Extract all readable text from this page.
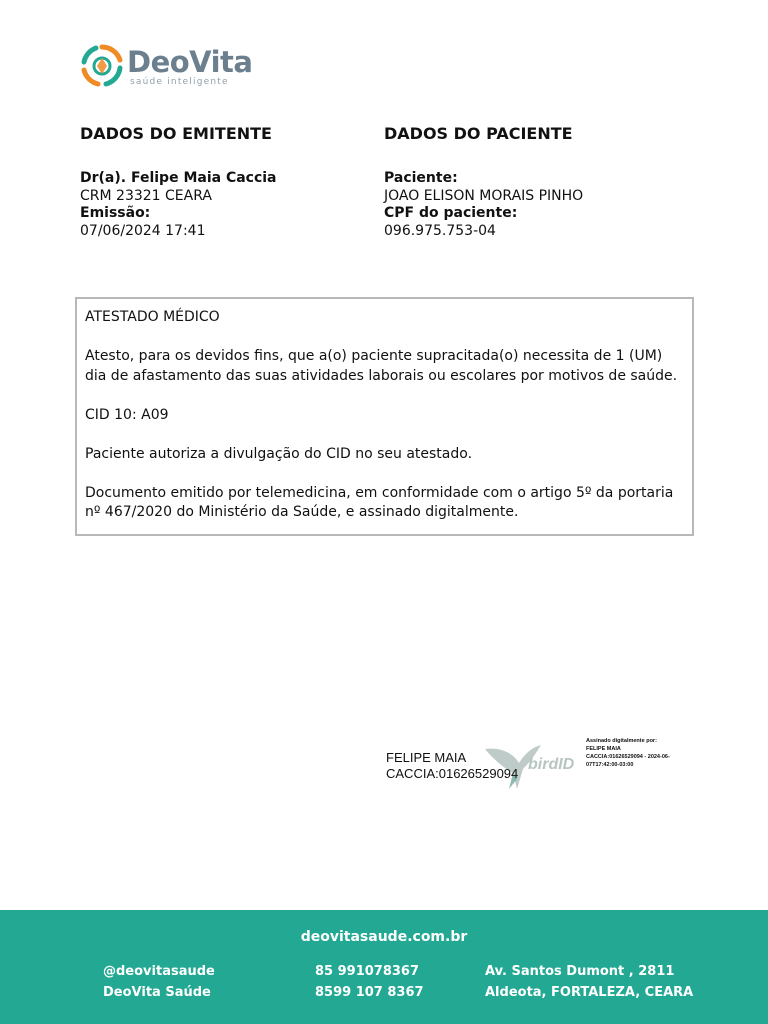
DeoVita
saúde inteligente
DADOS DO EMITENTE
Dr(a). Felipe Maia Caccia
CRM 23321 CEARA
Emissão:
07/06/2024 17:41
DADOS DO PACIENTE
Paciente:
JOAO ELISON MORAIS PINHO
CPF do paciente:
096.975.753-04

ATESTADO MÉDICO

Atesto, para os devidos fins, que a(o) paciente supracitada(o) necessita de 1 (UM) dia de afastamento das suas atividades laborais ou escolares por motivos de saúde.

CID 10: A09

Paciente autoriza a divulgação do CID no seu atestado.

Documento emitido por telemedicina, em conformidade com o artigo 5º da portaria nº 467/2020 do Ministério da Saúde, e assinado digitalmente.

birdID
FELIPE MAIA
CACCIA:01626529094
Assinado digitalmente por: FELIPE MAIA CACCIA:01626529094 - 2024-06-07T17:42:00-03:00
deovitasaude.com.br
@deovitasaude
DeoVita Saúde
85 991078367
8599 107 8367
Av. Santos Dumont , 2811
Aldeota, FORTALEZA, CEARA
